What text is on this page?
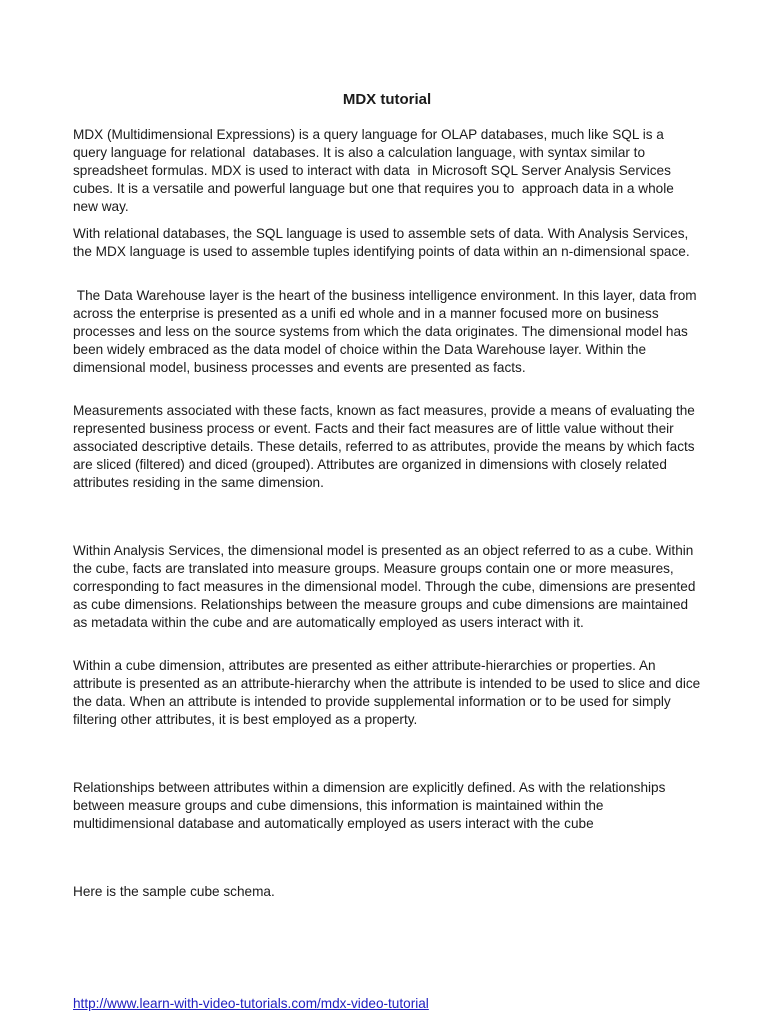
MDX tutorial

MDX (Multidimensional Expressions) is a query language for OLAP databases, much like SQL is a query language for relational  databases. It is also a calculation language, with syntax similar to spreadsheet formulas. MDX is used to interact with data  in Microsoft SQL Server Analysis Services cubes. It is a versatile and powerful language but one that requires you to  approach data in a whole new way.

With relational databases, the SQL language is used to assemble sets of data. With Analysis Services, the MDX language is used to assemble tuples identifying points of data within an n-dimensional space.

The Data Warehouse layer is the heart of the business intelligence environment. In this layer, data from across the enterprise is presented as a unifi ed whole and in a manner focused more on business processes and less on the source systems from which the data originates. The dimensional model has been widely embraced as the data model of choice within the Data Warehouse layer. Within the dimensional model, business processes and events are presented as facts.

Measurements associated with these facts, known as fact measures, provide a means of evaluating the represented business process or event. Facts and their fact measures are of little value without their associated descriptive details. These details, referred to as attributes, provide the means by which facts are sliced (filtered) and diced (grouped). Attributes are organized in dimensions with closely related attributes residing in the same dimension.

Within Analysis Services, the dimensional model is presented as an object referred to as a cube. Within the cube, facts are translated into measure groups. Measure groups contain one or more measures, corresponding to fact measures in the dimensional model. Through the cube, dimensions are presented as cube dimensions. Relationships between the measure groups and cube dimensions are maintained as metadata within the cube and are automatically employed as users interact with it.

Within a cube dimension, attributes are presented as either attribute-hierarchies or properties. An attribute is presented as an attribute-hierarchy when the attribute is intended to be used to slice and dice the data. When an attribute is intended to provide supplemental information or to be used for simply filtering other attributes, it is best employed as a property.

Relationships between attributes within a dimension are explicitly defined. As with the relationships between measure groups and cube dimensions, this information is maintained within the multidimensional database and automatically employed as users interact with the cube

Here is the sample cube schema.

http://www.learn-with-video-tutorials.com/mdx-video-tutorial
